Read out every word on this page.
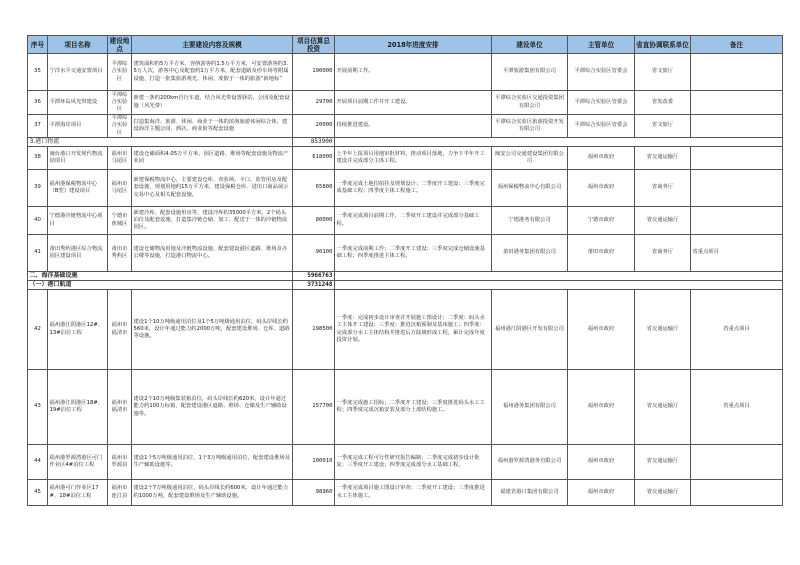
序号	项目名称	建设地点	主要建设内容及规模	项目估算总投资	2018年进度安排	建设单位	主管单位	省直协调联系单位	备注
35	宁洋水平交通安置项目	平潭综合实验区	建筑面积约5万平方米，容纳游客约1.5万平方米，可安置游客约3.5万人次，游客中心及配套约1万平方米，配套道路及停车场等附属设施，打造一批集旅游观光、休闲、度假于一体的旅游“新地标”	190000	开展前期工作。	平潭旅游集团有限公司	平潭综合实验区管委会	省文旅厅	
36	平潭环岛风光带建设	平潭综合实验区	新建一条约200km自行车道，结合风光带设置驿站、公园及配套设施（风光带）	29700	开展项目前期工作并开工建设。	平潭综合实验区交通投资集团有限公司	平潭综合实验区管委会	省发改委	
37	平潭海岸项目	平潭综合实验区	打造集海洋、旅游、休闲、商业于一体的滨海旅游休闲综合体，建设海洋主题公园、酒店、商业街等配套设施	20000	持续推进建设。	平潭综合实验区旅游投资开发有限公司	平潭综合实验区管委会	省文旅厅	
3.港口物流				853900					
38	闽台港口开发现代物流园项目	福州市马尾区	建设仓储面积4.05万平方米，园区道路、堆场等配套设施及物流产业园	618000	上半年上报项目用地审批材料，推动项目落地，力争下半年开工建设并完成部分主体工程。	闽安公司交通建设集团有限公司	福州市政府	省交通运输厅	
39	福州港保税物流中心（B型）建设项目	福州市马尾区	新建保税物流中心，主要建设仓库、查验场、卡口、监管用房及配套设施，规划用地约15万平方米，建设保税仓库、进出口商品展示交易中心及相关配套设施。	65800	一季度完成土地招拍挂及规划设计；二季度开工建设；三季度完成基础工程；四季度主体工程施工。	福州保税物流中心有限公司	福州市政府	省商务厅	
40	宁德港冷链物流中心项目	宁德市蕉城区	新建冷库、配套设施用房等，建设冷库约35000平方米，2个码头泊位及配套设施，打造集冷链仓储、加工、配送于一体的冷链物流园区。	80000	一季度完成项目前期工作，二季度开工建设并完成部分基础工程。	宁德港务有限公司	宁德市政府	省交通运输厅	
41	莆田秀屿港区综合物流园区建设项目	莆田市秀屿区	建设仓储物流用地及冷链物流设施，配套建设港区道路、堆场及办公楼等设施，打造港口物流中心。	90100	一季度完成前期工作；二季度开工建设；三季度完成仓储设施基础工程；四季度推进主体工程。	莆田港务集团有限公司	莆田市政府	省商务厅	省重点项目
二、海洋基础设施				5966763					
（一）港口航道				3731248					
42	福州港江阴港区12#、13#泊位工程	福州市福清市	建设1个10万吨级通用泊位及1个5万吨级通用泊位，码头岸线长约560米，设计年通过能力约2000万吨，配套建设堆场、仓库、道路等设施。	198500	一季度：完成初步设计审查并开展施工图设计；二季度：码头水工主体开工建设；三季度：推进沉箱预制及基床施工；四季度：完成部分水工主体结构并推进后方陆域形成工程，累计完成年度投资计划。	福州港江阴港区开发有限公司	福州市政府	省交通运输厅	省重点项目
43	福州港江阴港区18#、19#泊位工程	福州市福清市	建设2个10万吨级集装箱泊位，码头岸线长约620米，设计年通过能力约100万标箱，配套建设港区道路、堆场、仓储及生产辅助设施等。	157700	一季度完成施工招标；二季度开工建设；三季度推进码头水工工程；四季度完成沉箱安装及部分上部结构施工。	福州港务集团有限公司	福州市政府	省交通运输厅	省重点项目
44	福州港罗源湾港区可门作业区4#泊位工程	福州市罗源县	建设1个5万吨级通用泊位，1个3万吨级通用泊位，配套建设堆场及生产辅助设施等。	100010	一季度完成工程可行性研究报告编制；二季度完成初步设计批复；三季度开工建设；四季度完成部分水工基础工程。	福州港罗源湾港务有限公司	福州市政府	省交通运输厅	
45	福州港可门作业区17#、18#泊位工程	福州市连江县	建设2个7万吨级通用泊位，码头岸线长约600米，设计年通过能力约1000万吨，配套建设堆场及生产辅助设施。	98960	一季度完成项目施工图设计审查；二季度开工建设；三季度推进水工主体施工。	福建省港口集团有限公司	福州市政府	省交通运输厅	
